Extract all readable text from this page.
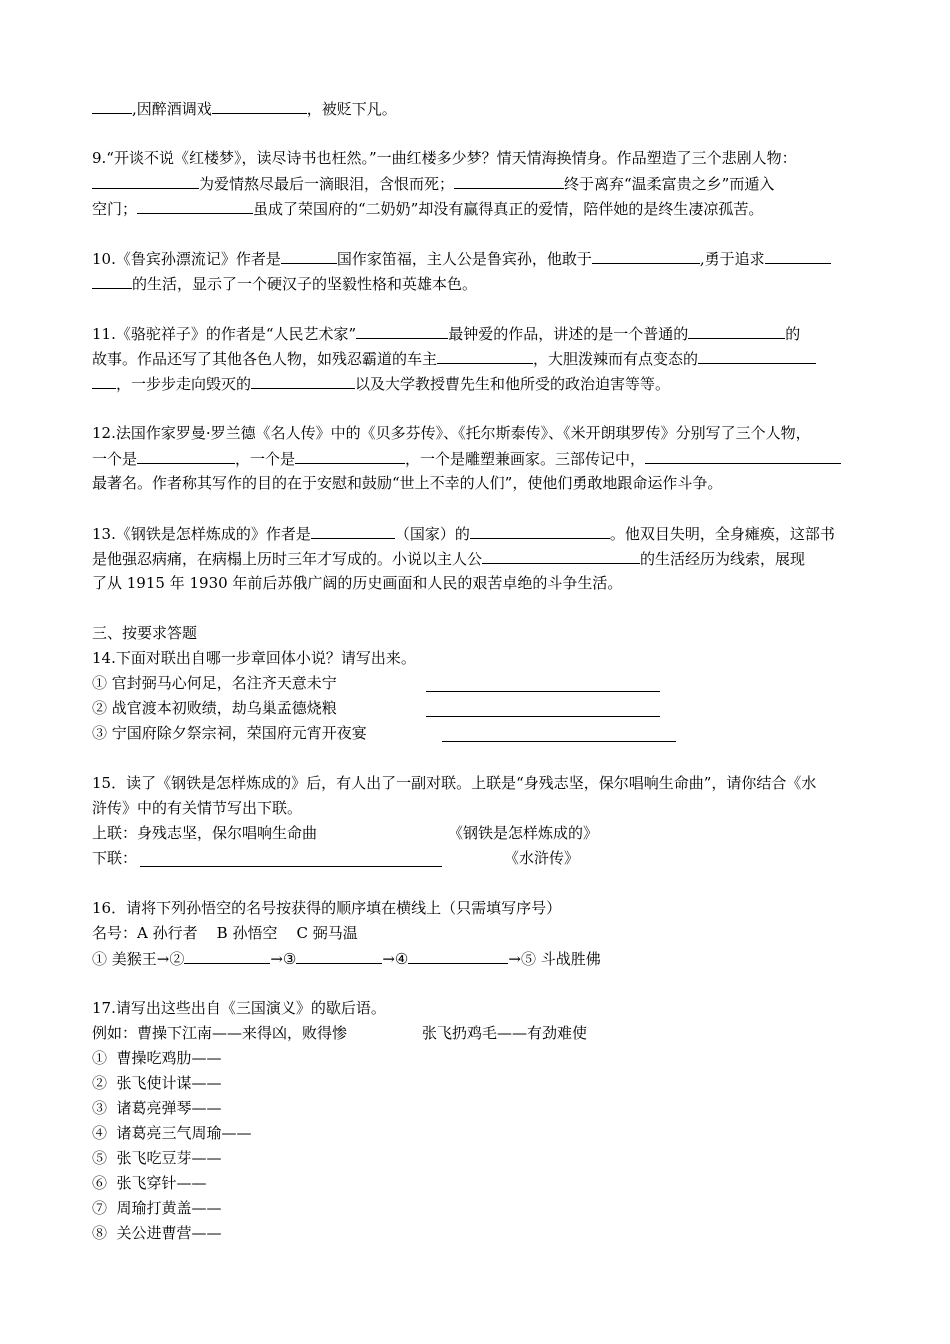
,因醉酒调戏	，被贬下凡。
9.“开谈不说《红楼梦》，读尽诗书也枉然。”一曲红楼多少梦？情天情海换情身。作品塑造了三个悲剧人物：
为爱情熬尽最后一滴眼泪，含恨而死；	终于离弃“温柔富贵之乡”而遁入
空门；	虽成了荣国府的“二奶奶”却没有赢得真正的爱情，陪伴她的是终生凄凉孤苦。
10.《鲁宾孙漂流记》作者是	国作家笛福，主人公是鲁宾孙，他敢于	,勇于追求
的生活，显示了一个硬汉子的坚毅性格和英雄本色。
11.《骆驼祥子》的作者是“人民艺术家”	最钟爱的作品，讲述的是一个普通的	的
故事。作品还写了其他各色人物，如残忍霸道的车主	，大胆泼辣而有点变态的
，一步步走向毁灭的	以及大学教授曹先生和他所受的政治迫害等等。
12.法国作家罗曼·罗兰德《名人传》中的《贝多芬传》、《托尔斯泰传》、《米开朗琪罗传》分别写了三个人物，
一个是	，一个是	，一个是雕塑兼画家。三部传记中，
最著名。作者称其写作的目的在于安慰和鼓励“世上不幸的人们”，使他们勇敢地跟命运作斗争。
13.《钢铁是怎样炼成的》作者是	（国家）的	。他双目失明，全身瘫痪，这部书
是他强忍病痛，在病榻上历时三年才写成的。小说以主人公	的生活经历为线索，展现
了从 1915 年 1930 年前后苏俄广阔的历史画面和人民的艰苦卓绝的斗争生活。
三、按要求答题
14.下面对联出自哪一步章回体小说？请写出来。
① 官封弼马心何足，名注齐天意未宁
② 战官渡本初败绩，劫乌巢孟德烧粮
③ 宁国府除夕祭宗祠，荣国府元宵开夜宴
15．读了《钢铁是怎样炼成的》后，有人出了一副对联。上联是“身残志坚，保尔唱响生命曲”，请你结合《水
浒传》中的有关情节写出下联。
上联：身残志坚，保尔唱响生命曲	《钢铁是怎样炼成的》
下联：	《水浒传》
16．请将下列孙悟空的名号按获得的顺序填在横线上（只需填写序号）
名号：A 孙行者    B 孙悟空    C 弼马温
① 美猴王→②	→③	→④	→⑤ 斗战胜佛
17.请写出这些出自《三国演义》的歇后语。
例如：曹操下江南——来得凶，败得惨	张飞扔鸡毛——有劲难使
①  曹操吃鸡肋——
②  张飞使计谋——
③  诸葛亮弹琴——
④  诸葛亮三气周瑜——
⑤  张飞吃豆芽——
⑥  张飞穿针——
⑦  周瑜打黄盖——
⑧  关公进曹营——
